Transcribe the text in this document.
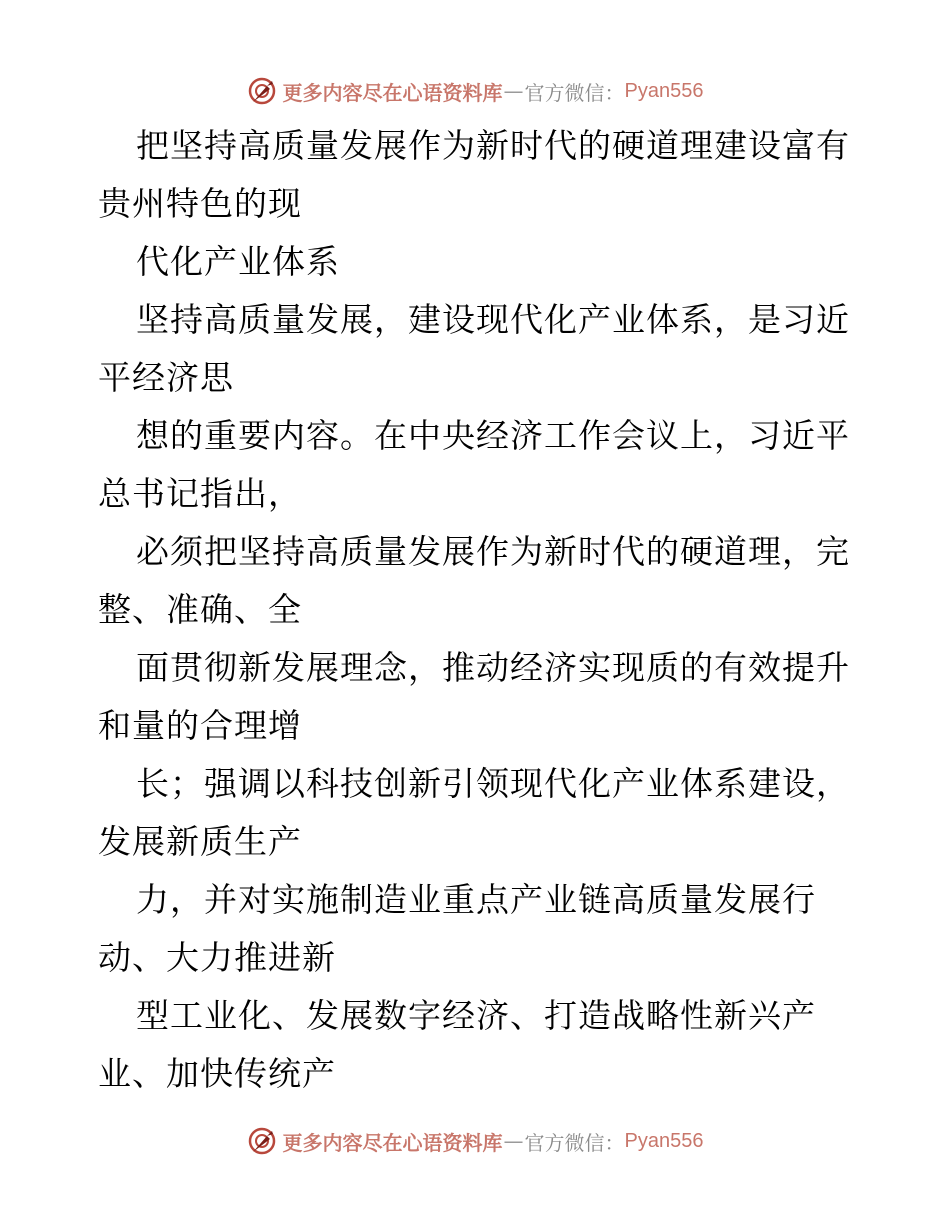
更多内容尽在心语资料库 — 官方微信： Pyan556
把坚持高质量发展作为新时代的硬道理建设富有
贵州特色的现
代化产业体系
坚持高质量发展，建设现代化产业体系，是习近
平经济思
想的重要内容。在中央经济工作会议上，习近平
总书记指出，
必须把坚持高质量发展作为新时代的硬道理，完
整、准确、全
面贯彻新发展理念，推动经济实现质的有效提升
和量的合理增
长；强调以科技创新引领现代化产业体系建设，
发展新质生产
力，并对实施制造业重点产业链高质量发展行
动、大力推进新
型工业化、发展数字经济、打造战略性新兴产
业、加快传统产
更多内容尽在心语资料库 — 官方微信： Pyan556
